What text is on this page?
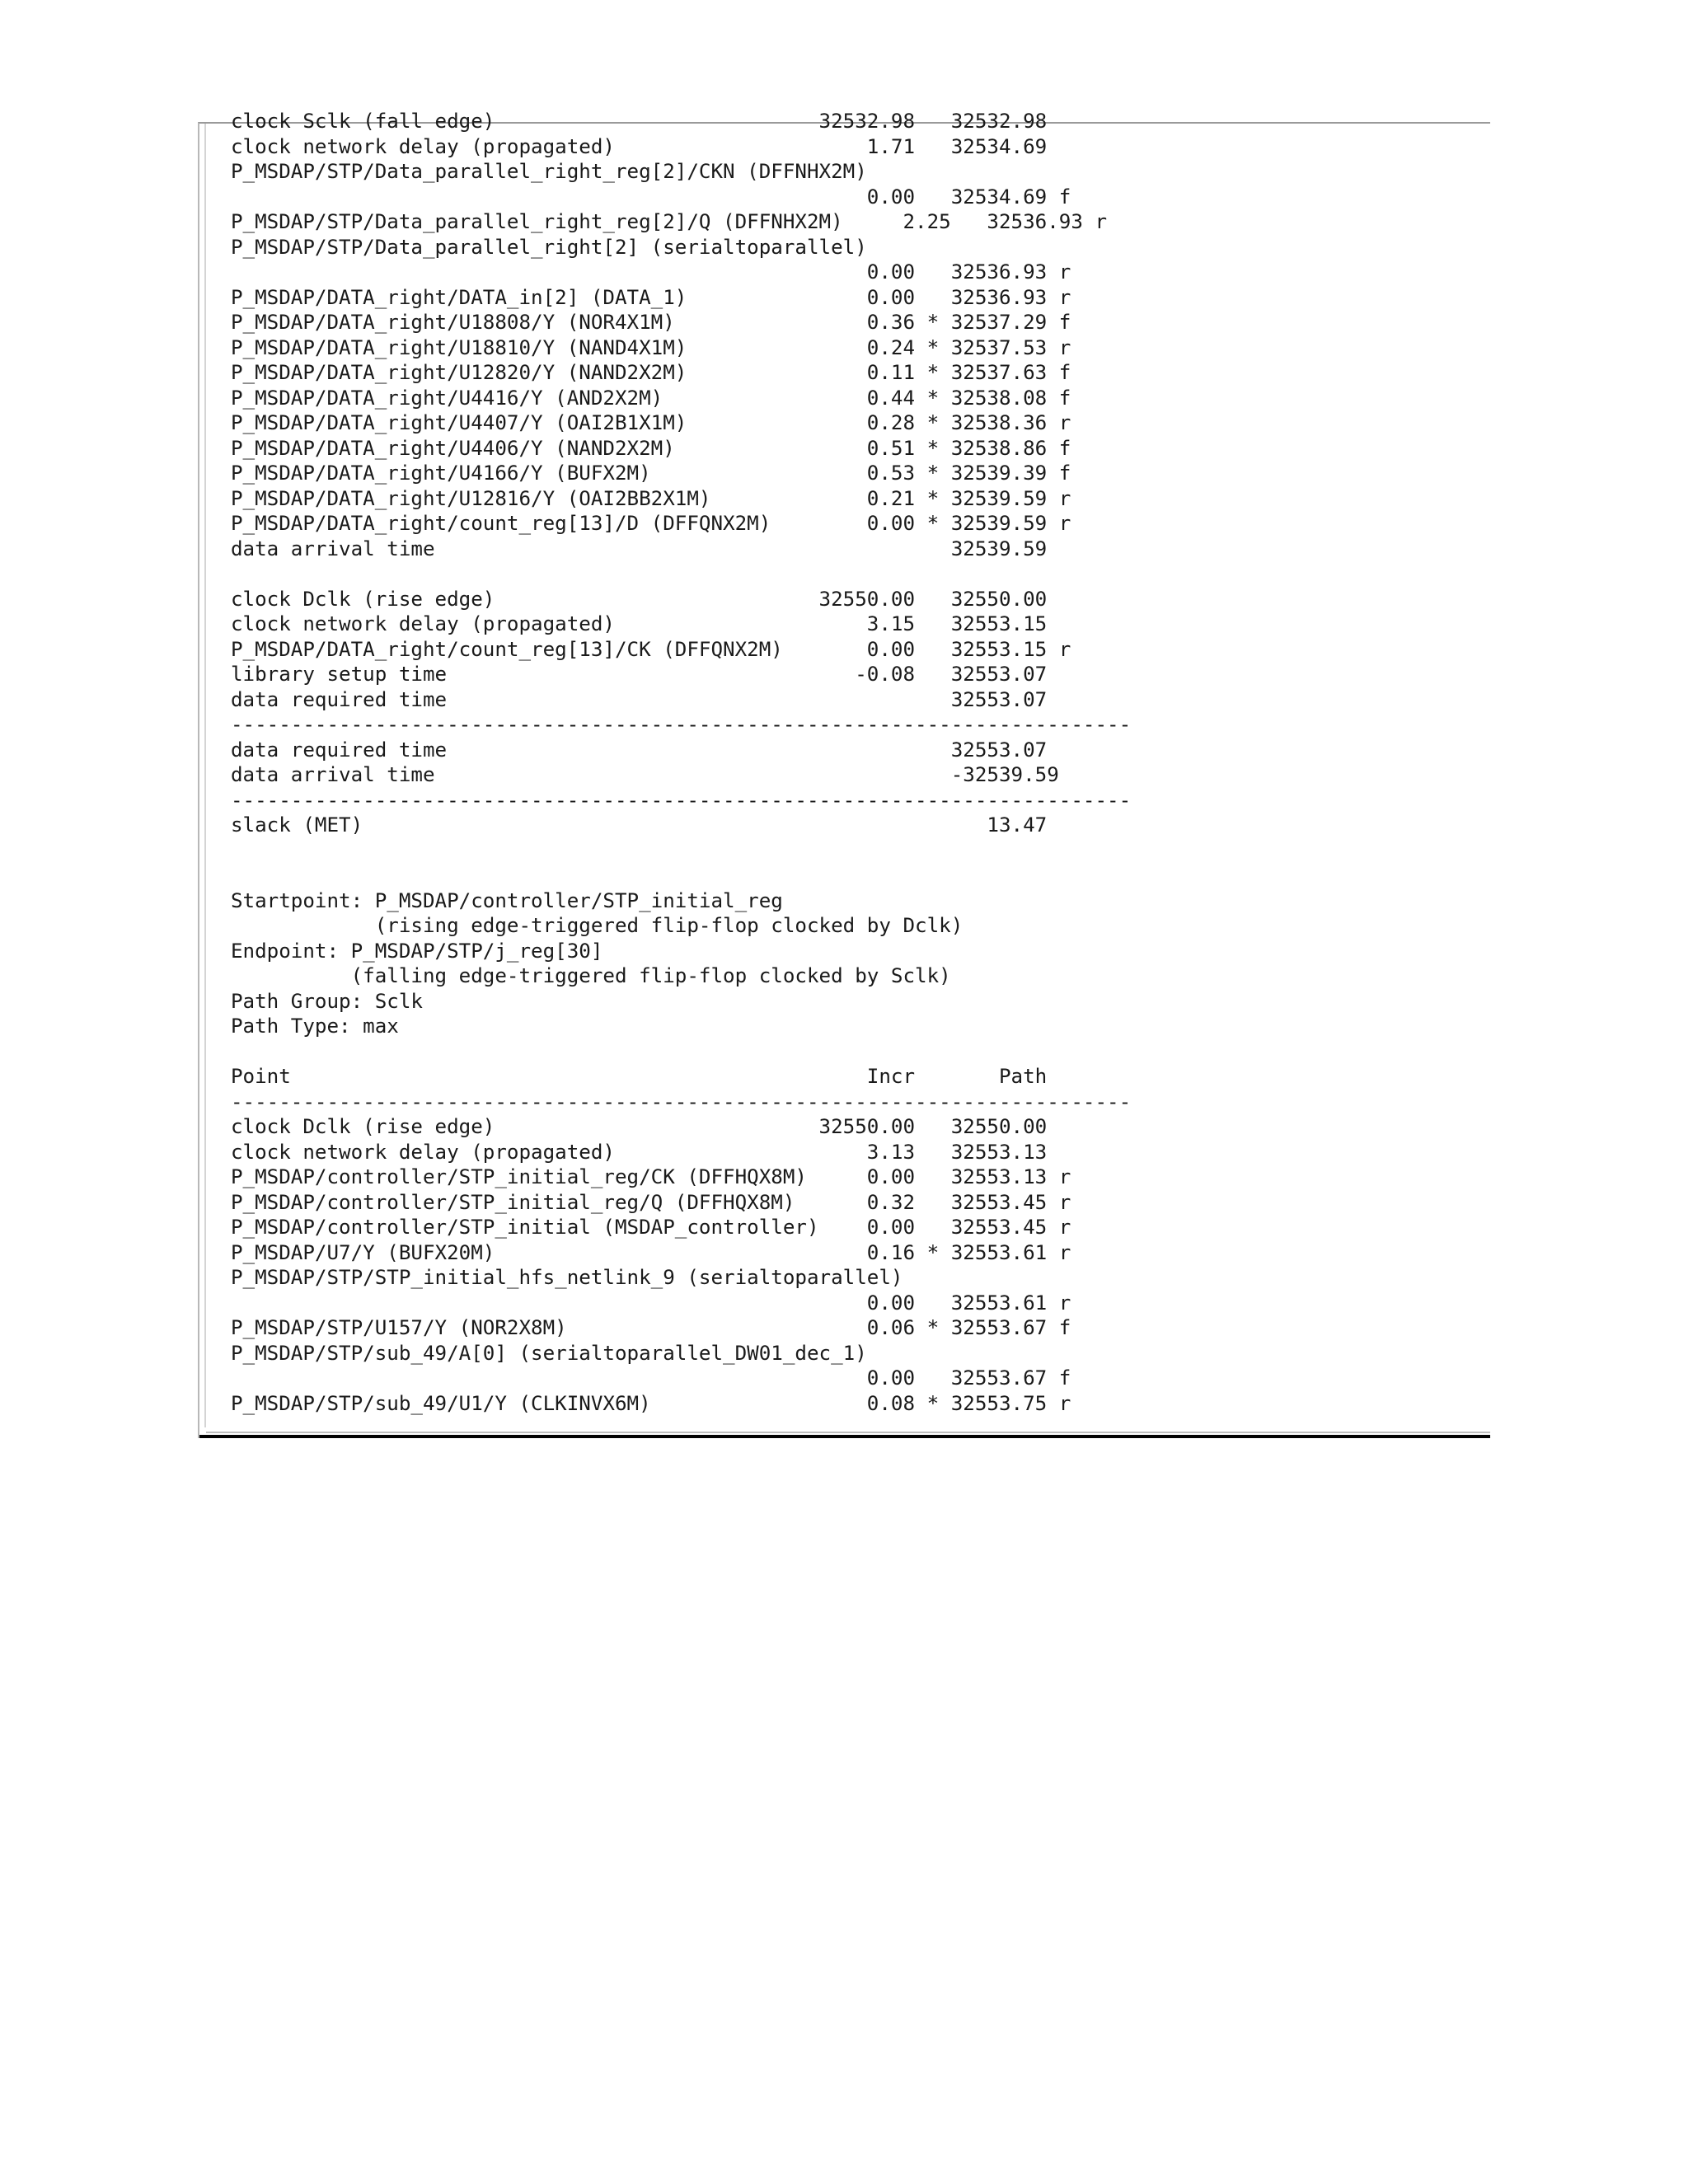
clock Sclk (fall edge)                           32532.98   32532.98
clock network delay (propagated)                     1.71   32534.69
P_MSDAP/STP/Data_parallel_right_reg[2]/CKN (DFFNHX2M)
0.00   32534.69 f
P_MSDAP/STP/Data_parallel_right_reg[2]/Q (DFFNHX2M)     2.25   32536.93 r
P_MSDAP/STP/Data_parallel_right[2] (serialtoparallel)
0.00   32536.93 r
P_MSDAP/DATA_right/DATA_in[2] (DATA_1)               0.00   32536.93 r
P_MSDAP/DATA_right/U18808/Y (NOR4X1M)                0.36 * 32537.29 f
P_MSDAP/DATA_right/U18810/Y (NAND4X1M)               0.24 * 32537.53 r
P_MSDAP/DATA_right/U12820/Y (NAND2X2M)               0.11 * 32537.63 f
P_MSDAP/DATA_right/U4416/Y (AND2X2M)                 0.44 * 32538.08 f
P_MSDAP/DATA_right/U4407/Y (OAI2B1X1M)               0.28 * 32538.36 r
P_MSDAP/DATA_right/U4406/Y (NAND2X2M)                0.51 * 32538.86 f
P_MSDAP/DATA_right/U4166/Y (BUFX2M)                  0.53 * 32539.39 f
P_MSDAP/DATA_right/U12816/Y (OAI2BB2X1M)             0.21 * 32539.59 r
P_MSDAP/DATA_right/count_reg[13]/D (DFFQNX2M)        0.00 * 32539.59 r
data arrival time                                           32539.59
clock Dclk (rise edge)                           32550.00   32550.00
clock network delay (propagated)                     3.15   32553.15
P_MSDAP/DATA_right/count_reg[13]/CK (DFFQNX2M)       0.00   32553.15 r
library setup time                                  -0.08   32553.07
data required time                                          32553.07
---------------------------------------------------------------------------
data required time                                          32553.07
data arrival time                                           -32539.59
---------------------------------------------------------------------------
slack (MET)                                                    13.47
Startpoint: P_MSDAP/controller/STP_initial_reg
(rising edge-triggered flip-flop clocked by Dclk)
Endpoint: P_MSDAP/STP/j_reg[30]
(falling edge-triggered flip-flop clocked by Sclk)
Path Group: Sclk
Path Type: max
Point                                                Incr       Path
---------------------------------------------------------------------------
clock Dclk (rise edge)                           32550.00   32550.00
clock network delay (propagated)                     3.13   32553.13
P_MSDAP/controller/STP_initial_reg/CK (DFFHQX8M)     0.00   32553.13 r
P_MSDAP/controller/STP_initial_reg/Q (DFFHQX8M)      0.32   32553.45 r
P_MSDAP/controller/STP_initial (MSDAP_controller)    0.00   32553.45 r
P_MSDAP/U7/Y (BUFX20M)                               0.16 * 32553.61 r
P_MSDAP/STP/STP_initial_hfs_netlink_9 (serialtoparallel)
0.00   32553.61 r
P_MSDAP/STP/U157/Y (NOR2X8M)                         0.06 * 32553.67 f
P_MSDAP/STP/sub_49/A[0] (serialtoparallel_DW01_dec_1)
0.00   32553.67 f
P_MSDAP/STP/sub_49/U1/Y (CLKINVX6M)                  0.08 * 32553.75 r
